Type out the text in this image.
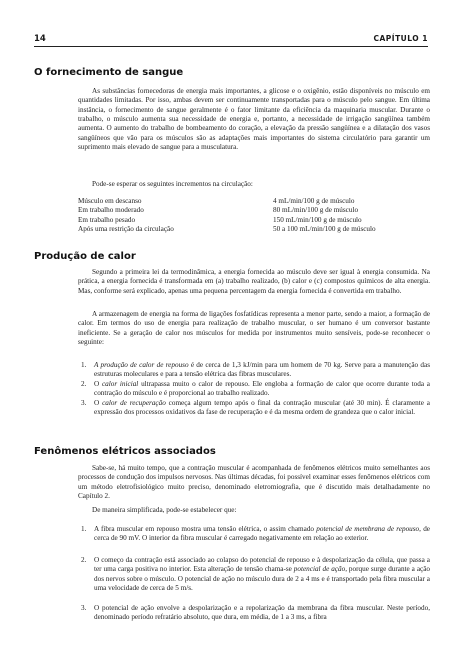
14	CAPÍTULO 1
O fornecimento de sangue

As substâncias fornecedoras de energia mais importantes, a glicose e o oxigênio, estão disponíveis no músculo em quantidades limitadas. Por isso, ambas devem ser continuamente transportadas para o músculo pelo sangue. Em última instância, o fornecimento de sangue geralmente é o fator limitante da eficiência da maquinaria muscular. Durante o trabalho, o músculo aumenta sua necessidade de energia e, portanto, a necessidade de irrigação sangüínea também aumenta. O aumento do trabalho de bombeamento do coração, a elevação da pressão sangüínea e a dilatação dos vasos sangüíneos que vão para os músculos são as adaptações mais importantes do sistema circulatório para garantir um suprimento mais elevado de sangue para a musculatura.

Pode-se esperar os seguintes incrementos na circulação:

Músculo em descanso	4 mL/min/100 g de músculo
Em trabalho moderado	80 mL/min/100 g de músculo
Em trabalho pesado	150 mL/min/100 g de músculo
Após uma restrição da circulação	50 a 100 mL/min/100 g de músculo
Produção de calor

Segundo a primeira lei da termodinâmica, a energia fornecida ao músculo deve ser igual à energia consumida. Na prática, a energia fornecida é transformada em (a) trabalho realizado, (b) calor e (c) compostos químicos de alta energia. Mas, conforme será explicado, apenas uma pequena percentagem da energia fornecida é convertida em trabalho.

A armazenagem de energia na forma de ligações fosfatídicas representa a menor parte, sendo a maior, a formação de calor. Em termos do uso de energia para realização de trabalho muscular, o ser humano é um conversor bastante ineficiente. Se a geração de calor nos músculos for medida por instrumentos muito sensíveis, pode-se reconhecer o seguinte:

1. A produção de calor de repouso é de cerca de 1,3 kJ/min para um homem de 70 kg. Serve para a manutenção das estruturas moleculares e para a tensão elétrica das fibras musculares.

2. O calor inicial ultrapassa muito o calor de repouso. Ele engloba a formação de calor que ocorre durante toda a contração do músculo e é proporcional ao trabalho realizado.

3. O calor de recuperação começa algum tempo após o final da contração muscular (até 30 min). É claramente a expressão dos processos oxidativos da fase de recuperação e é da mesma ordem de grandeza que o calor inicial.

Fenômenos elétricos associados

Sabe-se, há muito tempo, que a contração muscular é acompanhada de fenômenos elétricos muito semelhantes aos processos de condução dos impulsos nervosos. Nas últimas décadas, foi possível examinar esses fenômenos elétricos com um método eletrofisiológico muito preciso, denominado eletromiografia, que é discutido mais detalhadamente no Capítulo 2.

De maneira simplificada, pode-se estabelecer que:

1. A fibra muscular em repouso mostra uma tensão elétrica, o assim chamado potencial de membrana de repouso, de cerca de 90 mV. O interior da fibra muscular é carregado negativamente em relação ao exterior.

2. O começo da contração está associado ao colapso do potencial de repouso e à despolarização da célula, que passa a ter uma carga positiva no interior. Esta alteração de tensão chama-se potencial de ação, porque surge durante a ação dos nervos sobre o músculo. O potencial de ação no músculo dura de 2 a 4 ms e é transportado pela fibra muscular a uma velocidade de cerca de 5 m/s.

3. O potencial de ação envolve a despolarização e a repolarização da membrana da fibra muscular. Neste período, denominado período refratário absoluto, que dura, em média, de 1 a 3 ms, a fibra
